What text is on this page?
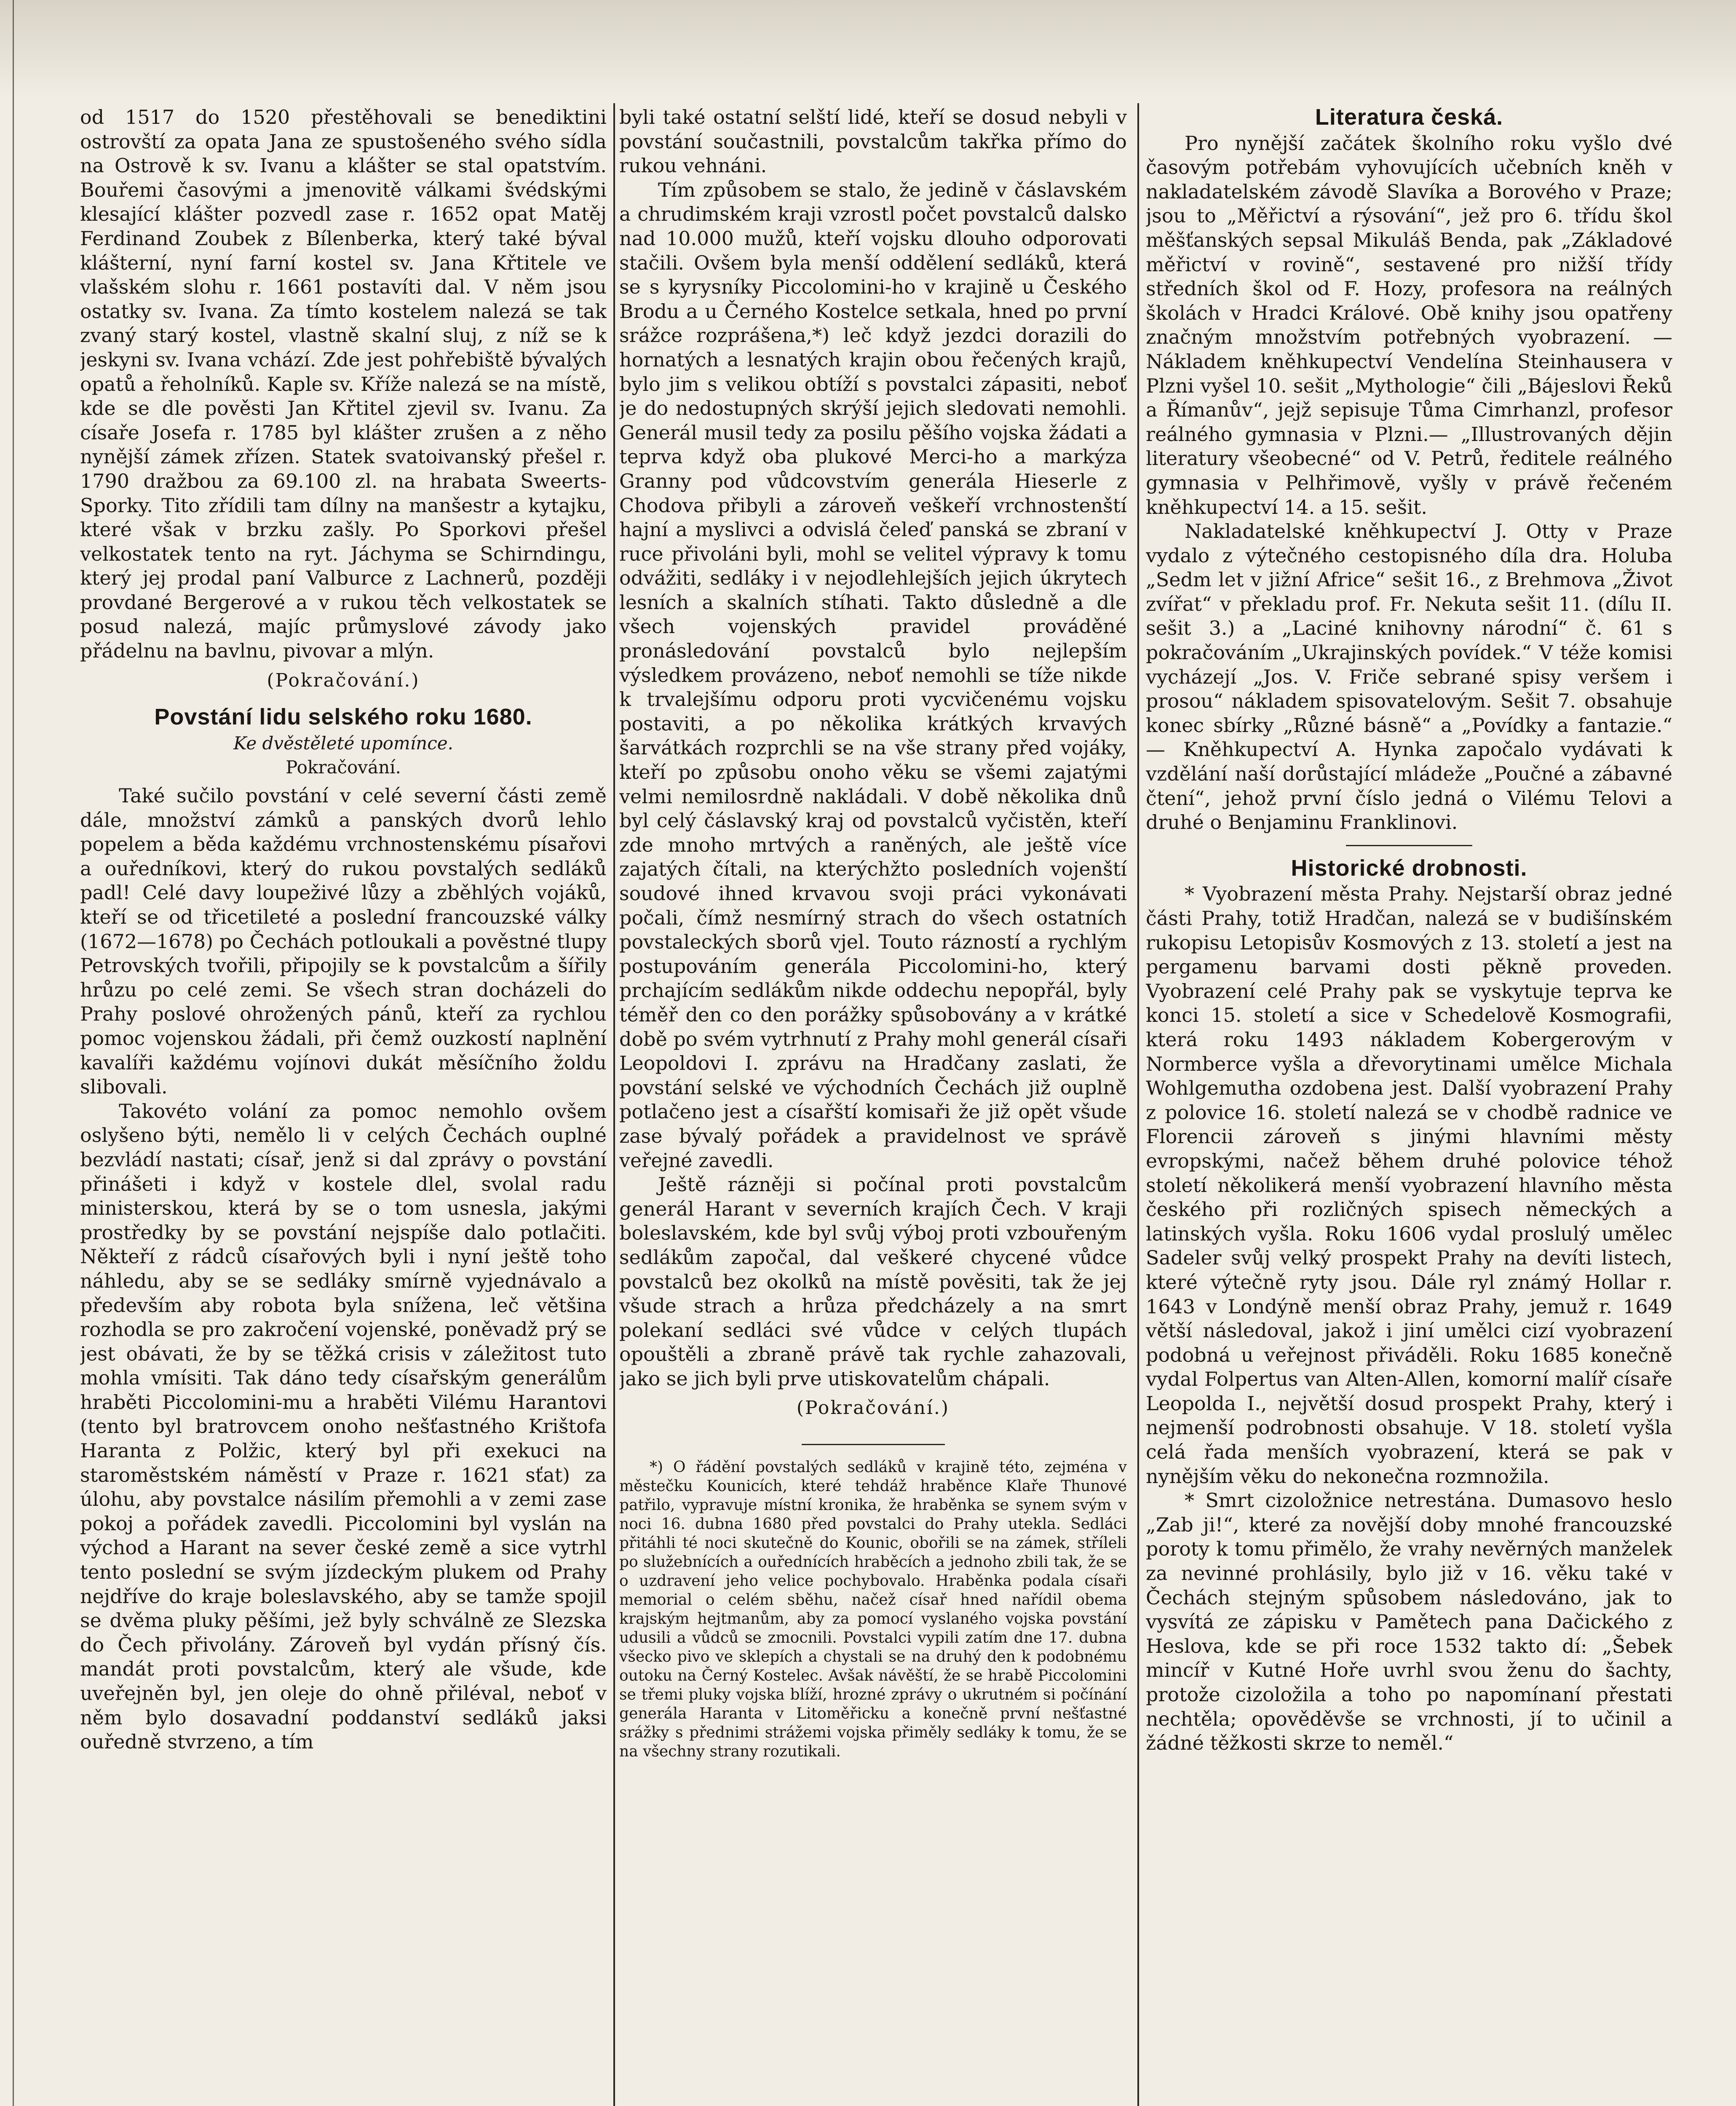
od 1517 do 1520 přestěhovali se benediktini ostrovští za opata Jana ze spustošeného svého sídla na Ostrově k sv. Ivanu a klášter se stal opatstvím. Bouřemi časovými a jmenovitě válkami švédskými klesající klášter pozvedl zase r. 1652 opat Matěj Ferdinand Zoubek z Bílenberka, který také býval klášterní, nyní farní kostel sv. Jana Křtitele ve vlašském slohu r. 1661 postavíti dal. V něm jsou ostatky sv. Ivana. Za tímto kostelem nalezá se tak zvaný starý kostel, vlastně skalní sluj, z níž se k jeskyni sv. Ivana vchází. Zde jest pohřebiště bývalých opatů a řeholníků. Kaple sv. Kříže nalezá se na místě, kde se dle pověsti Jan Křtitel zjevil sv. Ivanu. Za císaře Josefa r. 1785 byl klášter zrušen a z něho nynější zámek zřízen. Statek svatoivanský přešel r. 1790 dražbou za 69.100 zl. na hrabata Sweerts-Sporky. Tito zřídili tam dílny na manšestr a kytajku, které však v brzku zašly. Po Sporkovi přešel velkostatek tento na ryt. Jáchyma se Schirndingu, který jej prodal paní Valburce z Lachnerů, později provdané Bergerové a v rukou těch velkostatek se posud nalezá, majíc průmyslové závody jako přádelnu na bavlnu, pivovar a mlýn.

(Pokračování.)
Povstání lidu selského roku 1680.
Ke dvěstěleté upomínce.
Pokračování.

Také sučilo povstání v celé severní části země dále, množství zámků a panských dvorů lehlo popelem a běda každému vrchnostenskému písařovi a ouředníkovi, který do rukou povstalých sedláků padl! Celé davy loupeživé lůzy a zběhlých vojáků, kteří se od třicetileté a poslední francouzské války (1672—1678) po Čechách potloukali a pověstné tlupy Petrovských tvořili, připojily se k povstalcům a šířily hrůzu po celé zemi. Se všech stran docházeli do Prahy poslové ohrožených pánů, kteří za rychlou pomoc vojenskou žádali, při čemž ouzkostí naplnění kavalíři každému vojínovi dukát měsíčního žoldu slibovali.

Takovéto volání za pomoc nemohlo ovšem oslyšeno býti, nemělo li v celých Čechách ouplné bezvládí nastati; císař, jenž si dal zprávy o povstání přinášeti i když v kostele dlel, svolal radu ministerskou, která by se o tom usnesla, jakými prostředky by se povstání nejspíše dalo potlačiti. Někteří z rádců císařových byli i nyní ještě toho náhledu, aby se se sedláky smírně vyjednávalo a především aby robota byla snížena, leč většina rozhodla se pro zakročení vojenské, poněvadž prý se jest obávati, že by se těžká crisis v záležitost tuto mohla vmísiti. Tak dáno tedy císařským generálům hraběti Piccolomini-mu a hraběti Vilému Harantovi (tento byl bratrovcem onoho nešťastného Krištofa Haranta z Polžic, který byl při exekuci na staroměstském náměstí v Praze r. 1621 sťat) za úlohu, aby povstalce násilím přemohli a v zemi zase pokoj a pořádek zavedli. Piccolomini byl vyslán na východ a Harant na sever české země a sice vytrhl tento poslední se svým jízdeckým plukem od Prahy nejdříve do kraje boleslavského, aby se tamže spojil se dvěma pluky pěšími, jež byly schválně ze Slezska do Čech přivolány. Zároveň byl vydán přísný čís. mandát proti povstalcům, který ale všude, kde uveřejněn byl, jen oleje do ohně přiléval, neboť v něm bylo dosavadní poddanství sedláků jaksi ouředně stvrzeno, a tím

byli také ostatní selští lidé, kteří se dosud nebyli v povstání součastnili, povstalcům takřka přímo do rukou vehnáni.

Tím způsobem se stalo, že jedině v čáslavském a chrudimském kraji vzrostl počet povstalců dalsko nad 10.000 mužů, kteří vojsku dlouho odporovati stačili. Ovšem byla menší oddělení sedláků, která se s kyrysníky Piccolomini-ho v krajině u Českého Brodu a u Černého Kostelce setkala, hned po první srážce rozprášena,*) leč když jezdci dorazili do hornatých a lesnatých krajin obou řečených krajů, bylo jim s velikou obtíží s povstalci zápasiti, neboť je do nedostupných skrýší jejich sledovati nemohli. Generál musil tedy za posilu pěšího vojska žádati a teprva když oba plukové Merci-ho a markýza Granny pod vůdcovstvím generála Hieserle z Chodova přibyli a zároveň veškeří vrchnostenští hajní a myslivci a odvislá čeleď panská se zbraní v ruce přivoláni byli, mohl se velitel výpravy k tomu odvážiti, sedláky i v nejodlehlejších jejich úkrytech lesních a skalních stíhati. Takto důsledně a dle všech vojenských pravidel prováděné pronásledování povstalců bylo nejlepším výsledkem provázeno, neboť nemohli se tíže nikde k trvalejšímu odporu proti vycvičenému vojsku postaviti, a po několika krátkých krvavých šarvátkách rozprchli se na vše strany před vojáky, kteří po způsobu onoho věku se všemi zajatými velmi nemilosrdně nakládali. V době několika dnů byl celý čáslavský kraj od povstalců vyčistěn, kteří zde mnoho mrtvých a raněných, ale ještě více zajatých čítali, na kterýchžto posledních vojenští soudové ihned krvavou svoji práci vykonávati počali, čímž nesmírný strach do všech ostatních povstaleckých sborů vjel. Touto rázností a rychlým postupováním generála Piccolomini-ho, který prchajícím sedlákům nikde oddechu nepopřál, byly téměř den co den porážky spůsobovány a v krátké době po svém vytrhnutí z Prahy mohl generál císaři Leopoldovi I. zprávu na Hradčany zaslati, že povstání selské ve východních Čechách již ouplně potlačeno jest a císařští komisaři že již opět všude zase bývalý pořádek a pravidelnost ve správě veřejné zavedli.

Ještě rázněji si počínal proti povstalcům generál Harant v severních krajích Čech. V kraji boleslavském, kde byl svůj výboj proti vzbouřeným sedlákům započal, dal veškeré chycené vůdce povstalců bez okolků na místě pověsiti, tak že jej všude strach a hrůza předcházely a na smrt polekaní sedláci své vůdce v celých tlupách opouštěli a zbraně právě tak rychle zahazovali, jako se jich byli prve utiskovatelům chápali.

(Pokračování.)

*) O řádění povstalých sedláků v krajině této, zejména v městečku Kounicích, které tehdáž hraběnce Klaře Thunové patřilo, vypravuje místní kronika, že hraběnka se synem svým v noci 16. dubna 1680 před povstalci do Prahy utekla. Sedláci přitáhli té noci skutečně do Kounic, obořili se na zámek, stříleli po služebnících a ouřednících hraběcích a jednoho zbili tak, že se o uzdravení jeho velice pochybovalo. Hraběnka podala císaři memorial o celém sběhu, načež císař hned nařídil obema krajským hejtmanům, aby za pomocí vyslaného vojska povstání udusili a vůdců se zmocnili. Povstalci vypili zatím dne 17. dubna všecko pivo ve sklepích a chystali se na druhý den k podobnému outoku na Černý Kostelec. Avšak návěští, že se hrabě Piccolomini se třemi pluky vojska blíží, hrozné zprávy o ukrutném si počínání generála Haranta v Litoměřicku a konečně první nešťastné srážky s přednimi strážemi vojska přiměly sedláky k tomu, že se na všechny strany rozutikali.

Literatura česká.

Pro nynější začátek školního roku vyšlo dvé časovým potřebám vyhovujících učebních kněh v nakladatelském závodě Slavíka a Borového v Praze; jsou to „Měřictví a rýsování“, jež pro 6. třídu škol měšťanských sepsal Mikuláš Benda, pak „Základové měřictví v rovině“, sestavené pro nižší třídy středních škol od F. Hozy, profesora na reálných školách v Hradci Králové. Obě knihy jsou opatřeny značným množstvím potřebných vyobrazení. — Nákladem kněhkupectví Vendelína Steinhausera v Plzni vyšel 10. sešit „Mythologie“ čili „Bájeslovi Řeků a Římanův“, jejž sepisuje Tůma Cimrhanzl, profesor reálného gymnasia v Plzni.— „Illustrovaných dějin literatury všeobecné“ od V. Petrů, ředitele reálného gymnasia v Pelhřimově, vyšly v právě řečeném kněhkupectví 14. a 15. sešit.

Nakladatelské kněhkupectví J. Otty v Praze vydalo z výtečného cestopisného díla dra. Holuba „Sedm let v jižní Africe“ sešit 16., z Brehmova „Život zvířat“ v překladu prof. Fr. Nekuta sešit 11. (dílu II. sešit 3.) a „Laciné knihovny národní“ č. 61 s pokračováním „Ukrajinských povídek.“ V téže komisi vycházejí „Jos. V. Friče sebrané spisy veršem i prosou“ nákladem spisovatelovým. Sešit 7. obsahuje konec sbírky „Různé básně“ a „Povídky a fantazie.“ — Kněhkupectví A. Hynka započalo vydávati k vzdělání naší dorůstající mládeže „Poučné a zábavné čtení“, jehož první číslo jedná o Vilému Telovi a druhé o Benjaminu Franklinovi.

Historické drobnosti.

* Vyobrazení města Prahy. Nejstarší obraz jedné části Prahy, totiž Hradčan, nalezá se v budišínském rukopisu Letopisův Kosmových z 13. století a jest na pergamenu barvami dosti pěkně proveden. Vyobrazení celé Prahy pak se vyskytuje teprva ke konci 15. století a sice v Schedelově Kosmografii, která roku 1493 nákladem Kobergerovým v Normberce vyšla a dřevorytinami umělce Michala Wohlgemutha ozdobena jest. Další vyobrazení Prahy z polovice 16. století nalezá se v chodbě radnice ve Florencii zároveň s jinými hlavními městy evropskými, načež během druhé polovice téhož století několikerá menší vyobrazení hlavního města českého při rozličných spisech německých a latinských vyšla. Roku 1606 vydal proslulý umělec Sadeler svůj velký prospekt Prahy na devíti listech, které výtečně ryty jsou. Dále ryl známý Hollar r. 1643 v Londýně menší obraz Prahy, jemuž r. 1649 větší následoval, jakož i jiní umělci cizí vyobrazení podobná u veřejnost přiváděli. Roku 1685 konečně vydal Folpertus van Alten-Allen, komorní malíř císaře Leopolda I., největší dosud prospekt Prahy, který i nejmenší podrobnosti obsahuje. V 18. století vyšla celá řada menších vyobrazení, která se pak v nynějším věku do nekonečna rozmnožila.

* Smrt cizoložnice netrestána. Dumasovo heslo „Zab ji!“, které za novější doby mnohé francouzské poroty k tomu přimělo, že vrahy nevěrných manželek za nevinné prohlásily, bylo již v 16. věku také v Čechách stejným spůsobem následováno, jak to vysvítá ze zápisku v Pamětech pana Dačického z Heslova, kde se při roce 1532 takto dí: „Šebek mincíř v Kutné Hoře uvrhl svou ženu do šachty, protože cizoložila a toho po napomínaní přestati nechtěla; opověděvše se vrchnosti, jí to učinil a žádné těžkosti skrze to neměl.“
